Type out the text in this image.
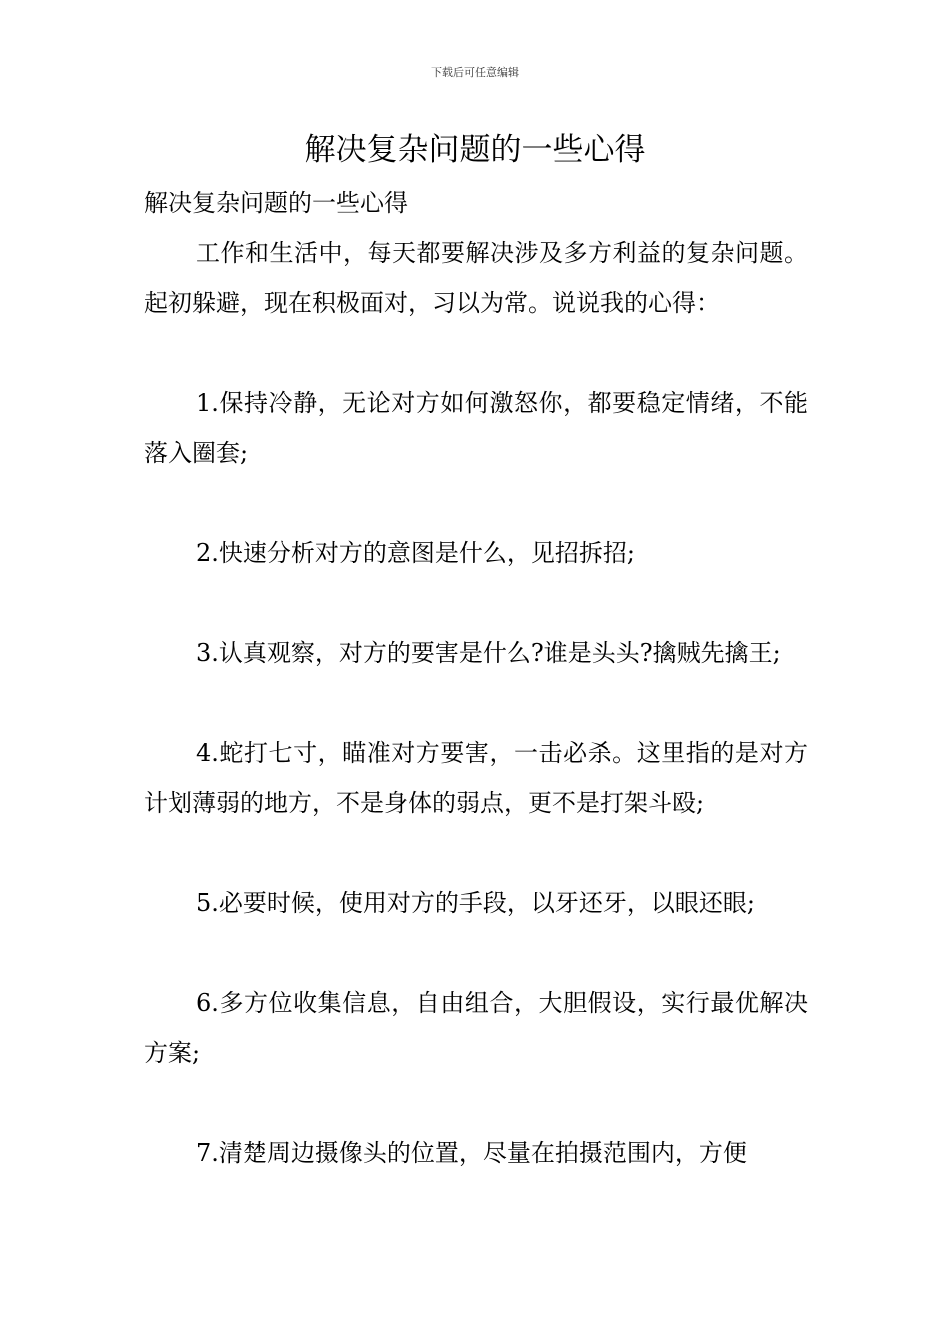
下载后可任意编辑
解决复杂问题的一些心得

解决复杂问题的一些心得

工作和生活中，每天都要解决涉及多方利益的复杂问题。起初躲避，现在积极面对，习以为常。说说我的心得：

1.保持冷静，无论对方如何激怒你，都要稳定情绪，不能落入圈套;

2.快速分析对方的意图是什么，见招拆招;

3.认真观察，对方的要害是什么?谁是头头?擒贼先擒王;

4.蛇打七寸，瞄准对方要害，一击必杀。这里指的是对方计划薄弱的地方，不是身体的弱点，更不是打架斗殴;

5.必要时候，使用对方的手段，以牙还牙，以眼还眼;

6.多方位收集信息，自由组合，大胆假设，实行最优解决方案;

7.清楚周边摄像头的位置，尽量在拍摄范围内，方便
